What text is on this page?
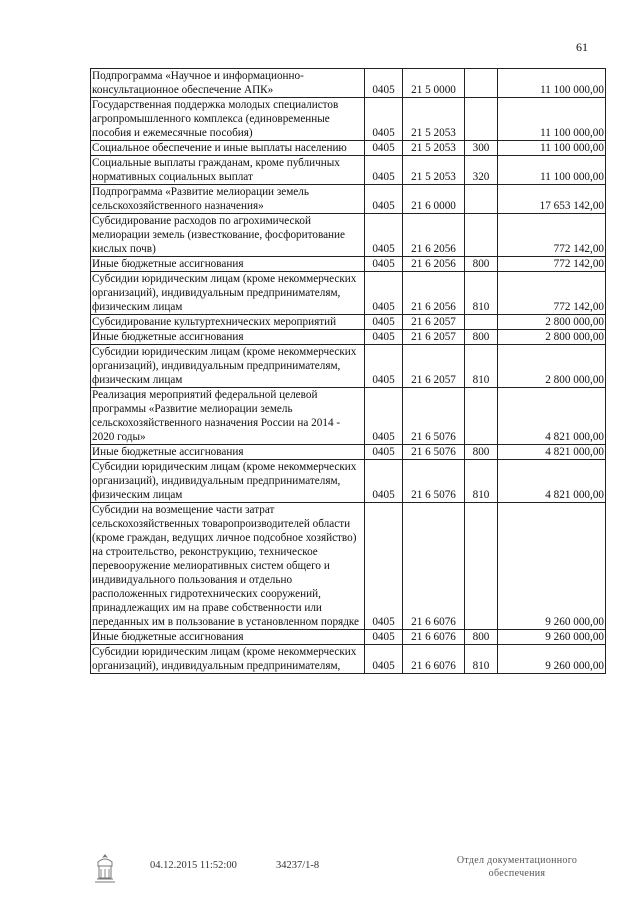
61
Подпрограмма «Научное и информационно-консультационное обеспечение АПК»	0405	21 5 0000		11 100 000,00
Государственная поддержка молодых специалистов агропромышленного комплекса (единовременные пособия и ежемесячные пособия)	0405	21 5 2053		11 100 000,00
Социальное обеспечение и иные выплаты населению	0405	21 5 2053	300	11 100 000,00
Социальные выплаты гражданам, кроме публичных нормативных социальных выплат	0405	21 5 2053	320	11 100 000,00
Подпрограмма «Развитие мелиорации земель сельскохозяйственного назначения»	0405	21 6 0000		17 653 142,00
Субсидирование расходов по агрохимической мелиорации земель (известкование, фосфоритование кислых почв)	0405	21 6 2056		772 142,00
Иные бюджетные ассигнования	0405	21 6 2056	800	772 142,00
Субсидии юридическим лицам (кроме некоммерческих организаций), индивидуальным предпринимателям, физическим лицам	0405	21 6 2056	810	772 142,00
Субсидирование культуртехнических мероприятий	0405	21 6 2057		2 800 000,00
Иные бюджетные ассигнования	0405	21 6 2057	800	2 800 000,00
Субсидии юридическим лицам (кроме некоммерческих организаций), индивидуальным предпринимателям, физическим лицам	0405	21 6 2057	810	2 800 000,00
Реализация мероприятий федеральной целевой программы «Развитие мелиорации земель сельскохозяйственного назначения России на 2014 - 2020 годы»	0405	21 6 5076		4 821 000,00
Иные бюджетные ассигнования	0405	21 6 5076	800	4 821 000,00
Субсидии юридическим лицам (кроме некоммерческих организаций), индивидуальным предпринимателям, физическим лицам	0405	21 6 5076	810	4 821 000,00
Субсидии на возмещение части затрат сельскохозяйственных товаропроизводителей области (кроме граждан, ведущих личное подсобное хозяйство) на строительство, реконструкцию, техническое перевооружение мелиоративных систем общего и индивидуального пользования и отдельно расположенных гидротехнических сооружений, принадлежащих им на праве собственности или переданных им в пользование в установленном порядке	0405	21 6 6076		9 260 000,00
Иные бюджетные ассигнования	0405	21 6 6076	800	9 260 000,00
Субсидии юридическим лицам (кроме некоммерческих организаций), индивидуальным предпринимателям,	0405	21 6 6076	810	9 260 000,00
04.12.2015 11:52:00	34237/1-8	Отдел документационного
обеспечения
